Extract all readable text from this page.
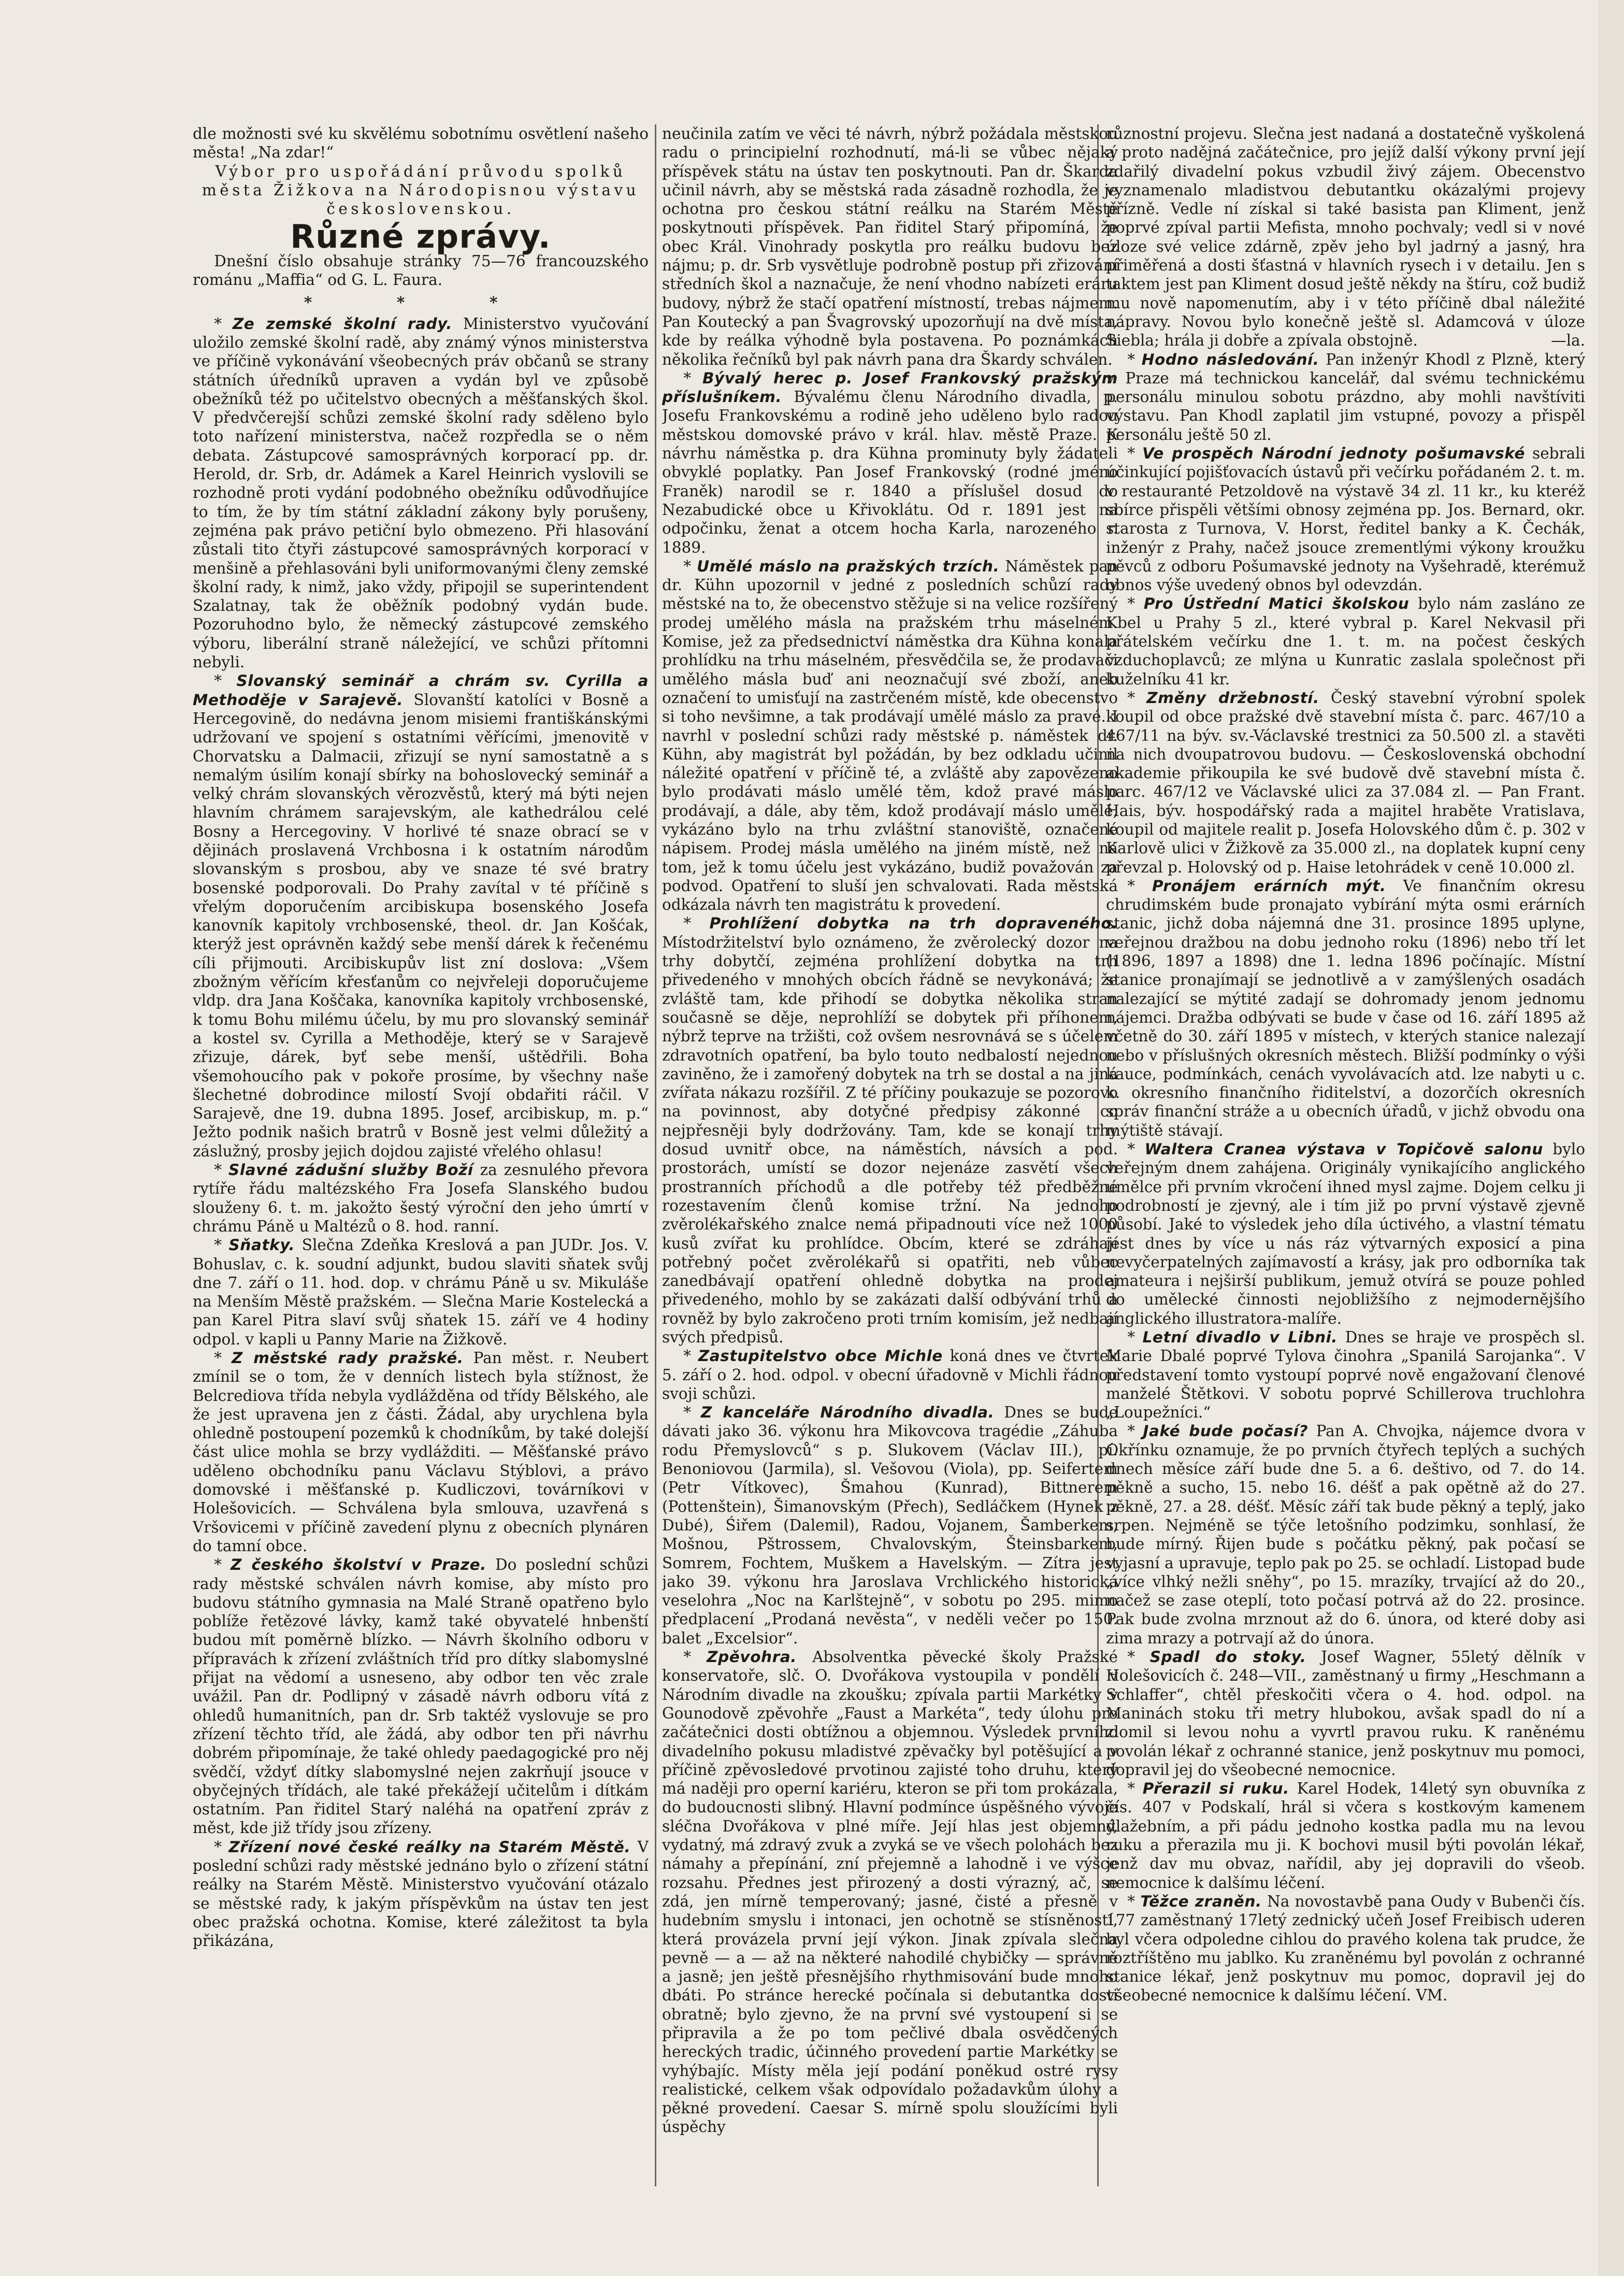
dle možnosti své ku skvělému sobotnímu osvětlení našeho města! „Na zdar!“

Výbor pro uspořádání průvodu spolků města Žižkova na Národopisnou výstavu československou.

Různé zprávy.

Dnešní číslo obsahuje stránky 75—76 francouzského románu „Maffia“ od G. L. Faura.

* * *

* Ze zemské školní rady. Ministerstvo vyučování uložilo zemské školní radě, aby známý výnos ministerstva ve příčině vykonávání všeobecných práv občanů se strany státních úředníků upraven a vydán byl ve způsobě obežníků též po učitelstvo obecných a měšťanských škol. V předvčerejší schůzi zemské školní rady sděleno bylo toto nařízení ministerstva, načež rozpředla se o něm debata. Zástupcové samosprávných korporací pp. dr. Herold, dr. Srb, dr. Adámek a Karel Heinrich vyslovili se rozhodně proti vydání podobného obežníku odůvodňujíce to tím, že by tím státní základní zákony byly porušeny, zejména pak právo petiční bylo obmezeno. Při hlasování zůstali tito čtyři zástupcové samosprávných korporací v menšině a přehlasováni byli uniformovanými členy zemské školní rady, k nimž, jako vždy, připojil se superintendent Szalatnay, tak že oběžník podobný vydán bude. Pozoruhodno bylo, že německý zástupcové zemského výboru, liberální straně náležející, ve schůzi přítomni nebyli.

* Slovanský seminář a chrám sv. Cyrilla a Methoděje v Sarajevě. Slovanští katolíci v Bosně a Hercegovině, do nedávna jenom misiemi františkánskými udržovaní ve spojení s ostatními věřícími, jmenovitě v Chorvatsku a Dalmacii, zřizují se nyní samostatně a s nemalým úsilím konají sbírky na bohoslovecký seminář a velký chrám slovanských věrozvěstů, který má býti nejen hlavním chrámem sarajevským, ale kathedrálou celé Bosny a Hercegoviny. V horlivé té snaze obrací se v dějinách proslavená Vrchbosna i k ostatním národům slovanským s prosbou, aby ve snaze té své bratry bosenské podporovali. Do Prahy zavítal v té příčině s vřelým doporučením arcibiskupa bosenského Josefa kanovník kapitoly vrchbosenské, theol. dr. Jan Košćak, kterýž jest oprávněn každý sebe menší dárek k řečenému cíli přijmouti. Arcibiskupův list zní doslova: „Všem zbožným věřícím křesťanům co nejvřeleji doporučujeme vldp. dra Jana Koščaka, kanovníka kapitoly vrchbosenské, k tomu Bohu milému účelu, by mu pro slovanský seminář a kostel sv. Cyrilla a Methoděje, který se v Sarajevě zřizuje, dárek, byť sebe menší, uštědřili. Boha všemohoucího pak v pokoře prosíme, by všechny naše šlechetné dobrodince milostí Svojí obdařiti ráčil. V Sarajevě, dne 19. dubna 1895. Josef, arcibiskup, m. p.“ Ježto podnik našich bratrů v Bosně jest velmi důležitý a záslužný, prosby jejich dojdou zajisté vřelého ohlasu!

* Slavné zádušní služby Boží za zesnulého převora rytíře řádu maltézského Fra Josefa Slanského budou slouženy 6. t. m. jakožto šestý výroční den jeho úmrtí v chrámu Páně u Maltézů o 8. hod. ranní.

* Sňatky. Slečna Zdeňka Kreslová a pan JUDr. Jos. V. Bohuslav, c. k. soudní adjunkt, budou slaviti sňatek svůj dne 7. září o 11. hod. dop. v chrámu Páně u sv. Mikuláše na Menším Městě pražském. — Slečna Marie Kostelecká a pan Karel Pitra slaví svůj sňatek 15. září ve 4 hodiny odpol. v kapli u Panny Marie na Žižkově.

* Z městské rady pražské. Pan měst. r. Neubert zmínil se o tom, že v denních listech byla stížnost, že Belcrediova třída nebyla vydlážděna od třídy Bělského, ale že jest upravena jen z části. Žádal, aby urychlena byla ohledně postoupení pozemků k chodníkům, by také dolejší část ulice mohla se brzy vydlážditi. — Měšťanské právo uděleno obchodníku panu Václavu Stýblovi, a právo domovské i měšťanské p. Kudliczovi, továrníkovi v Holešovicích. — Schválena byla smlouva, uzavřená s Vršovicemi v příčině zavedení plynu z obecních plynáren do tamní obce.

* Z českého školství v Praze. Do poslední schůzi rady městské schválen návrh komise, aby místo pro budovu státního gymnasia na Malé Straně opatřeno bylo poblíže řetězové lávky, kamž také obyvatelé hnbenští budou mít poměrně blízko. — Návrh školního odboru v přípravách k zřízení zvláštních tříd pro dítky slabomyslné přijat na vědomí a usneseno, aby odbor ten věc zrale uvážil. Pan dr. Podlipný v zásadě návrh odboru vítá z ohledů humanitních, pan dr. Srb taktéž vyslovuje se pro zřízení těchto tříd, ale žádá, aby odbor ten při návrhu dobrém připomínaje, že také ohledy paedagogické pro něj svědčí, vždyť dítky slabomyslné nejen zakrňují jsouce v obyčejných třídách, ale také překážejí učitelům i dítkám ostatním. Pan řiditel Starý naléhá na opatření zpráv z měst, kde již třídy jsou zřízeny.

* Zřízení nové české reálky na Starém Městě. V poslední schůzi rady městské jednáno bylo o zřízení státní reálky na Starém Městě. Ministerstvo vyučování otázalo se městské rady, k jakým příspěvkům na ústav ten jest obec pražská ochotna. Komise, které záležitost ta byla přikázána,

neučinila zatím ve věci té návrh, nýbrž požádala městskou radu o principielní rozhodnutí, má-li se vůbec nějaký příspěvek státu na ústav ten poskytnouti. Pan dr. Škarda učinil návrh, aby se městská rada zásadně rozhodla, že je ochotna pro českou státní reálku na Starém Městě poskytnouti příspěvek. Pan řiditel Starý připomíná, že obec Král. Vinohrady poskytla pro reálku budovu bez nájmu; p. dr. Srb vysvětluje podrobně postup při zřizování středních škol a naznačuje, že není vhodno nabízeti eráru budovy, nýbrž že stačí opatření místností, trebas nájmem. Pan Koutecký a pan Švagrovský upozorňují na dvě místa, kde by reálka výhodně byla postavena. Po poznámkách několika řečníků byl pak návrh pana dra Škardy schválen.

* Bývalý herec p. Josef Frankovský pražským příslušníkem. Bývalému členu Národního divadla, p. Josefu Frankovskému a rodině jeho uděleno bylo radou městskou domovské právo v král. hlav. městě Praze. K návrhu náměstka p. dra Kühna prominuty byly žádateli obvyklé poplatky. Pan Josef Frankovský (rodné jméno Franěk) narodil se r. 1840 a příslušel dosud do Nezabudické obce u Křivoklátu. Od r. 1891 jest na odpočinku, ženat a otcem hocha Karla, narozeného r. 1889.

* Umělé máslo na pražských trzích. Náměstek pan dr. Kühn upozornil v jedné z posledních schůzí rady městské na to, že obecenstvo stěžuje si na velice rozšířený prodej umělého másla na pražském trhu máselném. Komise, jež za předsednictví náměstka dra Kühna konala prohlídku na trhu máselném, přesvědčila se, že prodavači umělého másla buď ani neoznačují své zboží, aneb označení to umisťují na zastrčeném místě, kde obecenstvo si toho nevšimne, a tak prodávají umělé máslo za pravé. I navrhl v poslední schůzi rady městské p. náměstek dr. Kühn, aby magistrát byl požádán, by bez odkladu učinil náležité opatření v příčině té, a zvláště aby zapovězeno bylo prodávati máslo umělé těm, kdož pravé máslo prodávají, a dále, aby těm, kdož prodávají máslo umělé, vykázáno bylo na trhu zvláštní stanoviště, označené nápisem. Prodej másla umělého na jiném místě, než na tom, jež k tomu účelu jest vykázáno, budiž považován za podvod. Opatření to sluší jen schvalovati. Rada městská odkázala návrh ten magistrátu k provedení.

* Prohlížení dobytka na trh dopraveného. Místodržitelství bylo oznámeno, že zvěrolecký dozor na trhy dobytčí, zejména prohlížení dobytka na trh přivedeného v mnohých obcích řádně se nevykonává; že zvláště tam, kde přihodí se dobytka několika stran současně se děje, neprohlíží se dobytek při příhonem, nýbrž teprve na tržišti, což ovšem nesrovnává se s účelem zdravotních opatření, ba bylo touto nedbalostí nejednou zaviněno, že i zamořený dobytek na trh se dostal a na jiná zvířata nákazu rozšířil. Z té příčiny poukazuje se pozorovo na povinnost, aby dotyčné předpisy zákonné co nejpřesněji byly dodržovány. Tam, kde se konají trhy dosud uvnitř obce, na náměstích, návsích a pod. prostorách, umístí se dozor nejenáze zasvětí všech prostranních příchodů a dle potřeby též předběžné rozestavením členů komise tržní. Na jednoho zvěrolékařského znalce nemá připadnouti více než 1000 kusů zvířat ku prohlídce. Obcím, které se zdráhají potřebný počet zvěrolékařů si opatřiti, neb vůbec zanedbávají opatření ohledně dobytka na prodej přivedeného, mohlo by se zakázati další odbývání trhů a rovněž by bylo zakročeno proti trním komisím, jež nedbají svých předpisů.

* Zastupitelstvo obce Michle koná dnes ve čtvrtek 5. září o 2. hod. odpol. v obecní úřadovně v Michli řádnou svoji schůzi.

* Z kanceláře Národního divadla. Dnes se bude dávati jako 36. výkonu hra Mikovcova tragédie „Záhuba rodu Přemyslovců“ s p. Slukovem (Václav III.), pí. Benoniovou (Jarmila), sl. Vešovou (Viola), pp. Seifertem (Petr Vítkovec), Šmahou (Kunrad), Bittnerem (Pottenštein), Šimanovským (Přech), Sedláčkem (Hynek z Dubé), Śiřem (Dalemil), Radou, Vojanem, Šamberkem, Mošnou, Pštrossem, Chvalovským, Šteinsbarkem, Somrem, Fochtem, Muškem a Havelským. — Zítra jest jako 39. výkonu hra Jaroslava Vrchlického historická veselohra „Noc na Karlštejně“, v sobotu po 295. mimo předplacení „Prodaná nevěsta“, v neděli večer po 150. balet „Excelsior“.

* Zpěvohra. Absolventka pěvecké školy Pražské konservatoře, slč. O. Dvořákova vystoupila v pondělí v Národním divadle na zkoušku; zpívala partii Markétky v Gounodově zpěvohře „Faust a Markéta“, tedy úlohu pro začátečnici dosti obtížnou a objemnou. Výsledek prvního divadelního pokusu mladistvé zpěvačky byl potěšující a v příčině zpěvosledové prvotinou zajisté toho druhu, který má naději pro operní kariéru, kteron se při tom prokázala, do budoucnosti slibný. Hlavní podmínce úspěšného vývoje sléčna Dvořákova v plné míře. Její hlas jest objemný, vydatný, má zdravý zvuk a zvyká se ve všech polohách bez námahy a přepínání, zní přejemně a lahodně i ve výšce rozsahu. Přednes jest přirozený a dosti výrazný, ač, se zdá, jen mírně temperovaný; jasné, čisté a přesně v hudebním smyslu i intonaci, jen ochotně se stísněností, která provázela první její výkon. Jinak zpívala slečna pevně — a — až na některé nahodilé chybičky — správně a jasně; jen ještě přesnějšího rhythmisování bude mnoho dbáti. Po stránce herecké počínala si debutantka dosti obratně; bylo zjevno, že na první své vystoupení si se připravila a že po tom pečlivé dbala osvědčených hereckých tradic, účinného provedení partie Markétky se vyhýbajíc. Místy měla její podání poněkud ostré rysy realistické, celkem však odpovídalo požadavkům úlohy a pěkné provedení. Caesar S. mírně spolu sloužícími byli úspěchy

různostní projevu. Slečna jest nadaná a dostatečně vyškolená a proto nadějná začátečnice, pro jejíž další výkony první její zdařilý divadelní pokus vzbudil živý zájem. Obecenstvo vyznamenalo mladistvou debutantku okázalými projevy přízně. Vedle ní získal si také basista pan Kliment, jenž poprvé zpíval partii Mefista, mnoho pochvaly; vedl si v nové úloze své velice zdárně, zpěv jeho byl jadrný a jasný, hra přiměřená a dosti šťastná v hlavních rysech i v detailu. Jen s taktem jest pan Kliment dosud ještě někdy na štíru, což budiž mu nově napomenutím, aby i v této příčině dbal náležité nápravy. Novou bylo konečně ještě sl. Adamcová v úloze Siebla; hrála ji dobře a zpívala obstojně.	—la.

* Hodno následování. Pan inženýr Khodl z Plzně, který v Praze má technickou kancelář, dal svému technickému personálu minulou sobotu prázdno, aby mohli navštíviti výstavu. Pan Khodl zaplatil jim vstupné, povozy a přispěl personálu ještě 50 zl.

* Ve prospěch Národní jednoty pošumavské sebrali účinkující pojišťovacích ústavů při večírku pořádaném 2. t. m. v restauranté Petzoldově na výstavě 34 zl. 11 kr., ku kteréž sbírce přispěli většími obnosy zejména pp. Jos. Bernard, okr. starosta z Turnova, V. Horst, ředitel banky a K. Čechák, inženýr z Prahy, načež jsouce zrementlými výkony kroužku pěvců z odboru Pošumavské jednoty na Vyšehradě, kterémuž obnos výše uvedený obnos byl odevzdán.

* Pro Ústřední Matici školskou bylo nám zasláno ze Kbel u Prahy 5 zl., které vybral p. Karel Nekvasil při přátelském večírku dne 1. t. m. na počest českých vzduchoplavců; ze mlýna u Kunratic zaslala společnost při kuželníku 41 kr.

* Změny držebností. Český stavební výrobní spolek koupil od obce pražské dvě stavební místa č. parc. 467/10 a 467/11 na býv. sv.-Václavské trestnici za 50.500 zl. a stavěti na nich dvoupatrovou budovu. — Československá obchodní akademie přikoupila ke své budově dvě stavební místa č. parc. 467/12 ve Václavské ulici za 37.084 zl. — Pan Frant. Hais, býv. hospodářský rada a majitel hraběte Vratislava, koupil od majitele realit p. Josefa Holovského dům č. p. 302 v Karlově ulici v Žižkově za 35.000 zl., na doplatek kupní ceny převzal p. Holovský od p. Haise letohrádek v ceně 10.000 zl.

* Pronájem erárních mýt. Ve finančním okresu chrudimském bude pronajato vybírání mýta osmi erárních stanic, jichž doba nájemná dne 31. prosince 1895 uplyne, veřejnou dražbou na dobu jednoho roku (1896) nebo tří let (1896, 1897 a 1898) dne 1. ledna 1896 počínajíc. Místní stanice pronajímají se jednotlivě a v zamýšlených osadách nalezající se mýtité zadají se dohromady jenom jednomu nájemci. Dražba odbývati se bude v čase od 16. září 1895 až včetně do 30. září 1895 v místech, v kterých stanice nalezají nebo v příslušných okresních městech. Bližší podmínky o výši kauce, podmínkách, cenách vyvolávacích atd. lze nabyti u c. k. okresního finančního řiditelství, a dozorčích okresních správ finanční stráže a u obecních úřadů, v jichž obvodu ona mýtiště stávají.

* Waltera Cranea výstava v Topičově salonu bylo veřejným dnem zahájena. Originály vynikajícího anglického umělce při prvním vkročení ihned mysl zajme. Dojem celku ji podrobností je zjevný, ale i tím již po první výstavě zjevně působí. Jaké to výsledek jeho díla úctivého, a vlastní tématu jest dnes by více u nás ráz výtvarných exposicí a pina nevyčerpatelných zajímavostí a krásy, jak pro odborníka tak amateura i nejširší publikum, jemuž otvírá se pouze pohled do umělecké činnosti nejobližšího z nejmodernějšího anglického illustratora-malíře.

* Letní divadlo v Libni. Dnes se hraje ve prospěch sl. Marie Dbalé poprvé Tylova činohra „Spanilá Sarojanka“. V představení tomto vystoupí poprvé nově engažovaní členové manželé Štětkovi. V sobotu poprvé Schillerova truchlohra „Loupežníci.“

* Jaké bude počasí? Pan A. Chvojka, nájemce dvora v Okřínku oznamuje, že po prvních čtyřech teplých a suchých dnech měsíce září bude dne 5. a 6. deštivo, od 7. do 14. pěkně a sucho, 15. nebo 16. déšť a pak opětně až do 27. pěkně, 27. a 28. déšť. Měsíc září tak bude pěkný a teplý, jako srpen. Nejméně se týče letošního podzimku, sonhlasí, že bude mírný. Řijen bude s počátku pěkný, pak počasí se vyjasní a upravuje, teplo pak po 25. se ochladí. Listopad bude „více vlhký nežli sněhy“, po 15. mrazíky, trvající až do 20., načež se zase oteplí, toto počasí potrvá až do 22. prosince. Pak bude zvolna mrznout až do 6. února, od které doby asi zima mrazy a potrvají až do února.

* Spadl do stoky. Josef Wagner, 55letý dělník v Holešovicích č. 248—VII., zaměstnaný u firmy „Heschmann a Schlaffer“, chtěl přeskočiti včera o 4. hod. odpol. na Maninách stoku tři metry hlubokou, avšak spadl do ní a zlomil si levou nohu a vyvrtl pravou ruku. K raněnému povolán lékař z ochranné stanice, jenž poskytnuv mu pomoci, dopravil jej do všeobecné nemocnice.

* Přerazil si ruku. Karel Hodek, 14letý syn obuvníka z čís. 407 v Podskalí, hrál si včera s kostkovým kamenem dlažebním, a při pádu jednoho kostka padla mu na levou ruku a přerazila mu ji. K bochovi musil býti povolán lékař, jenž dav mu obvaz, nařídil, aby jej dopravili do všeob. nemocnice k dalšímu léčení.

* Těžce zraněn. Na novostavbě pana Oudy v Bubenči čís. 177 zaměstnaný 17letý zednický učeň Josef Freibisch uderen byl včera odpoledne cihlou do pravého kolena tak prudce, že roztříštěno mu jablko. Ku zraněnému byl povolán z ochranné stanice lékař, jenž poskytnuv mu pomoc, dopravil jej do všeobecné nemocnice k dalšímu léčení. VM.
